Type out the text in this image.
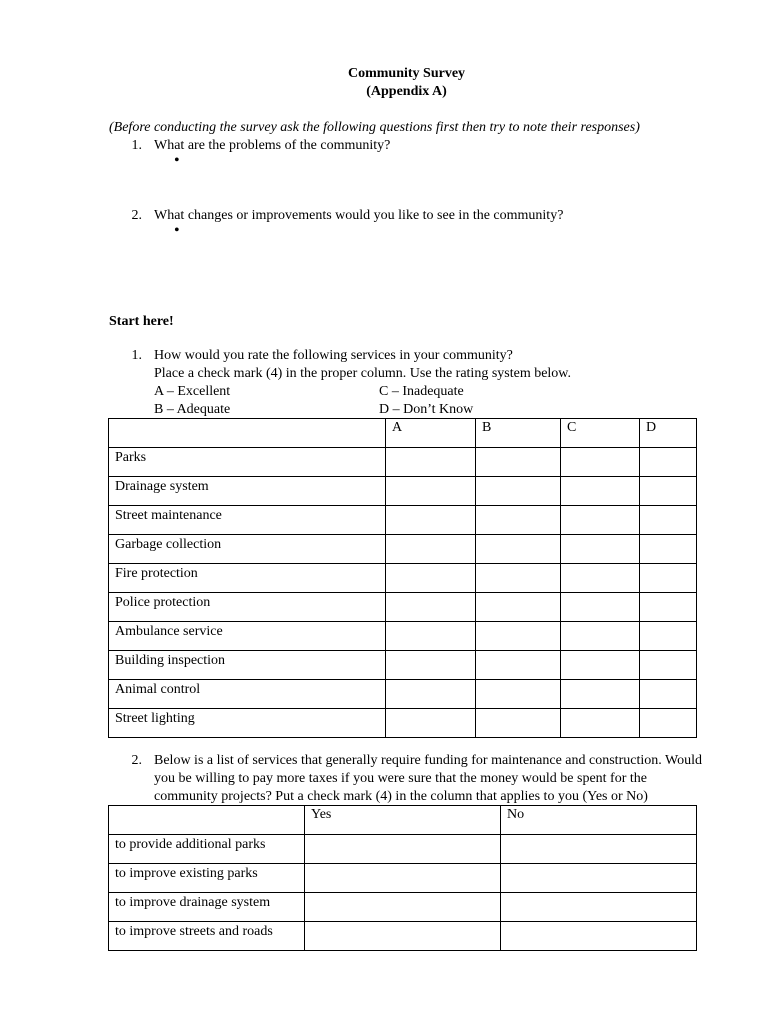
Community Survey
(Appendix A)
(Before conducting the survey ask the following questions first then try to note their responses)
1. What are the problems of the community?
•
2. What changes or improvements would you like to see in the community?
•
Start here!
1. How would you rate the following services in your community?
Place a check mark (4) in the proper column. Use the rating system below.
A – Excellent	C – Inadequate
B – Adequate	D – Don’t Know
	A	B	C	D
Parks				
Drainage system				
Street maintenance				
Garbage collection				
Fire protection				
Police protection				
Ambulance service				
Building inspection				
Animal control				
Street lighting				
2. Below is a list of services that generally require funding for maintenance and construction. Would
you be willing to pay more taxes if you were sure that the money would be spent for the
community projects? Put a check mark (4) in the column that applies to you (Yes or No)
	Yes	No
to provide additional parks		
to improve existing parks		
to improve drainage system		
to improve streets and roads		
